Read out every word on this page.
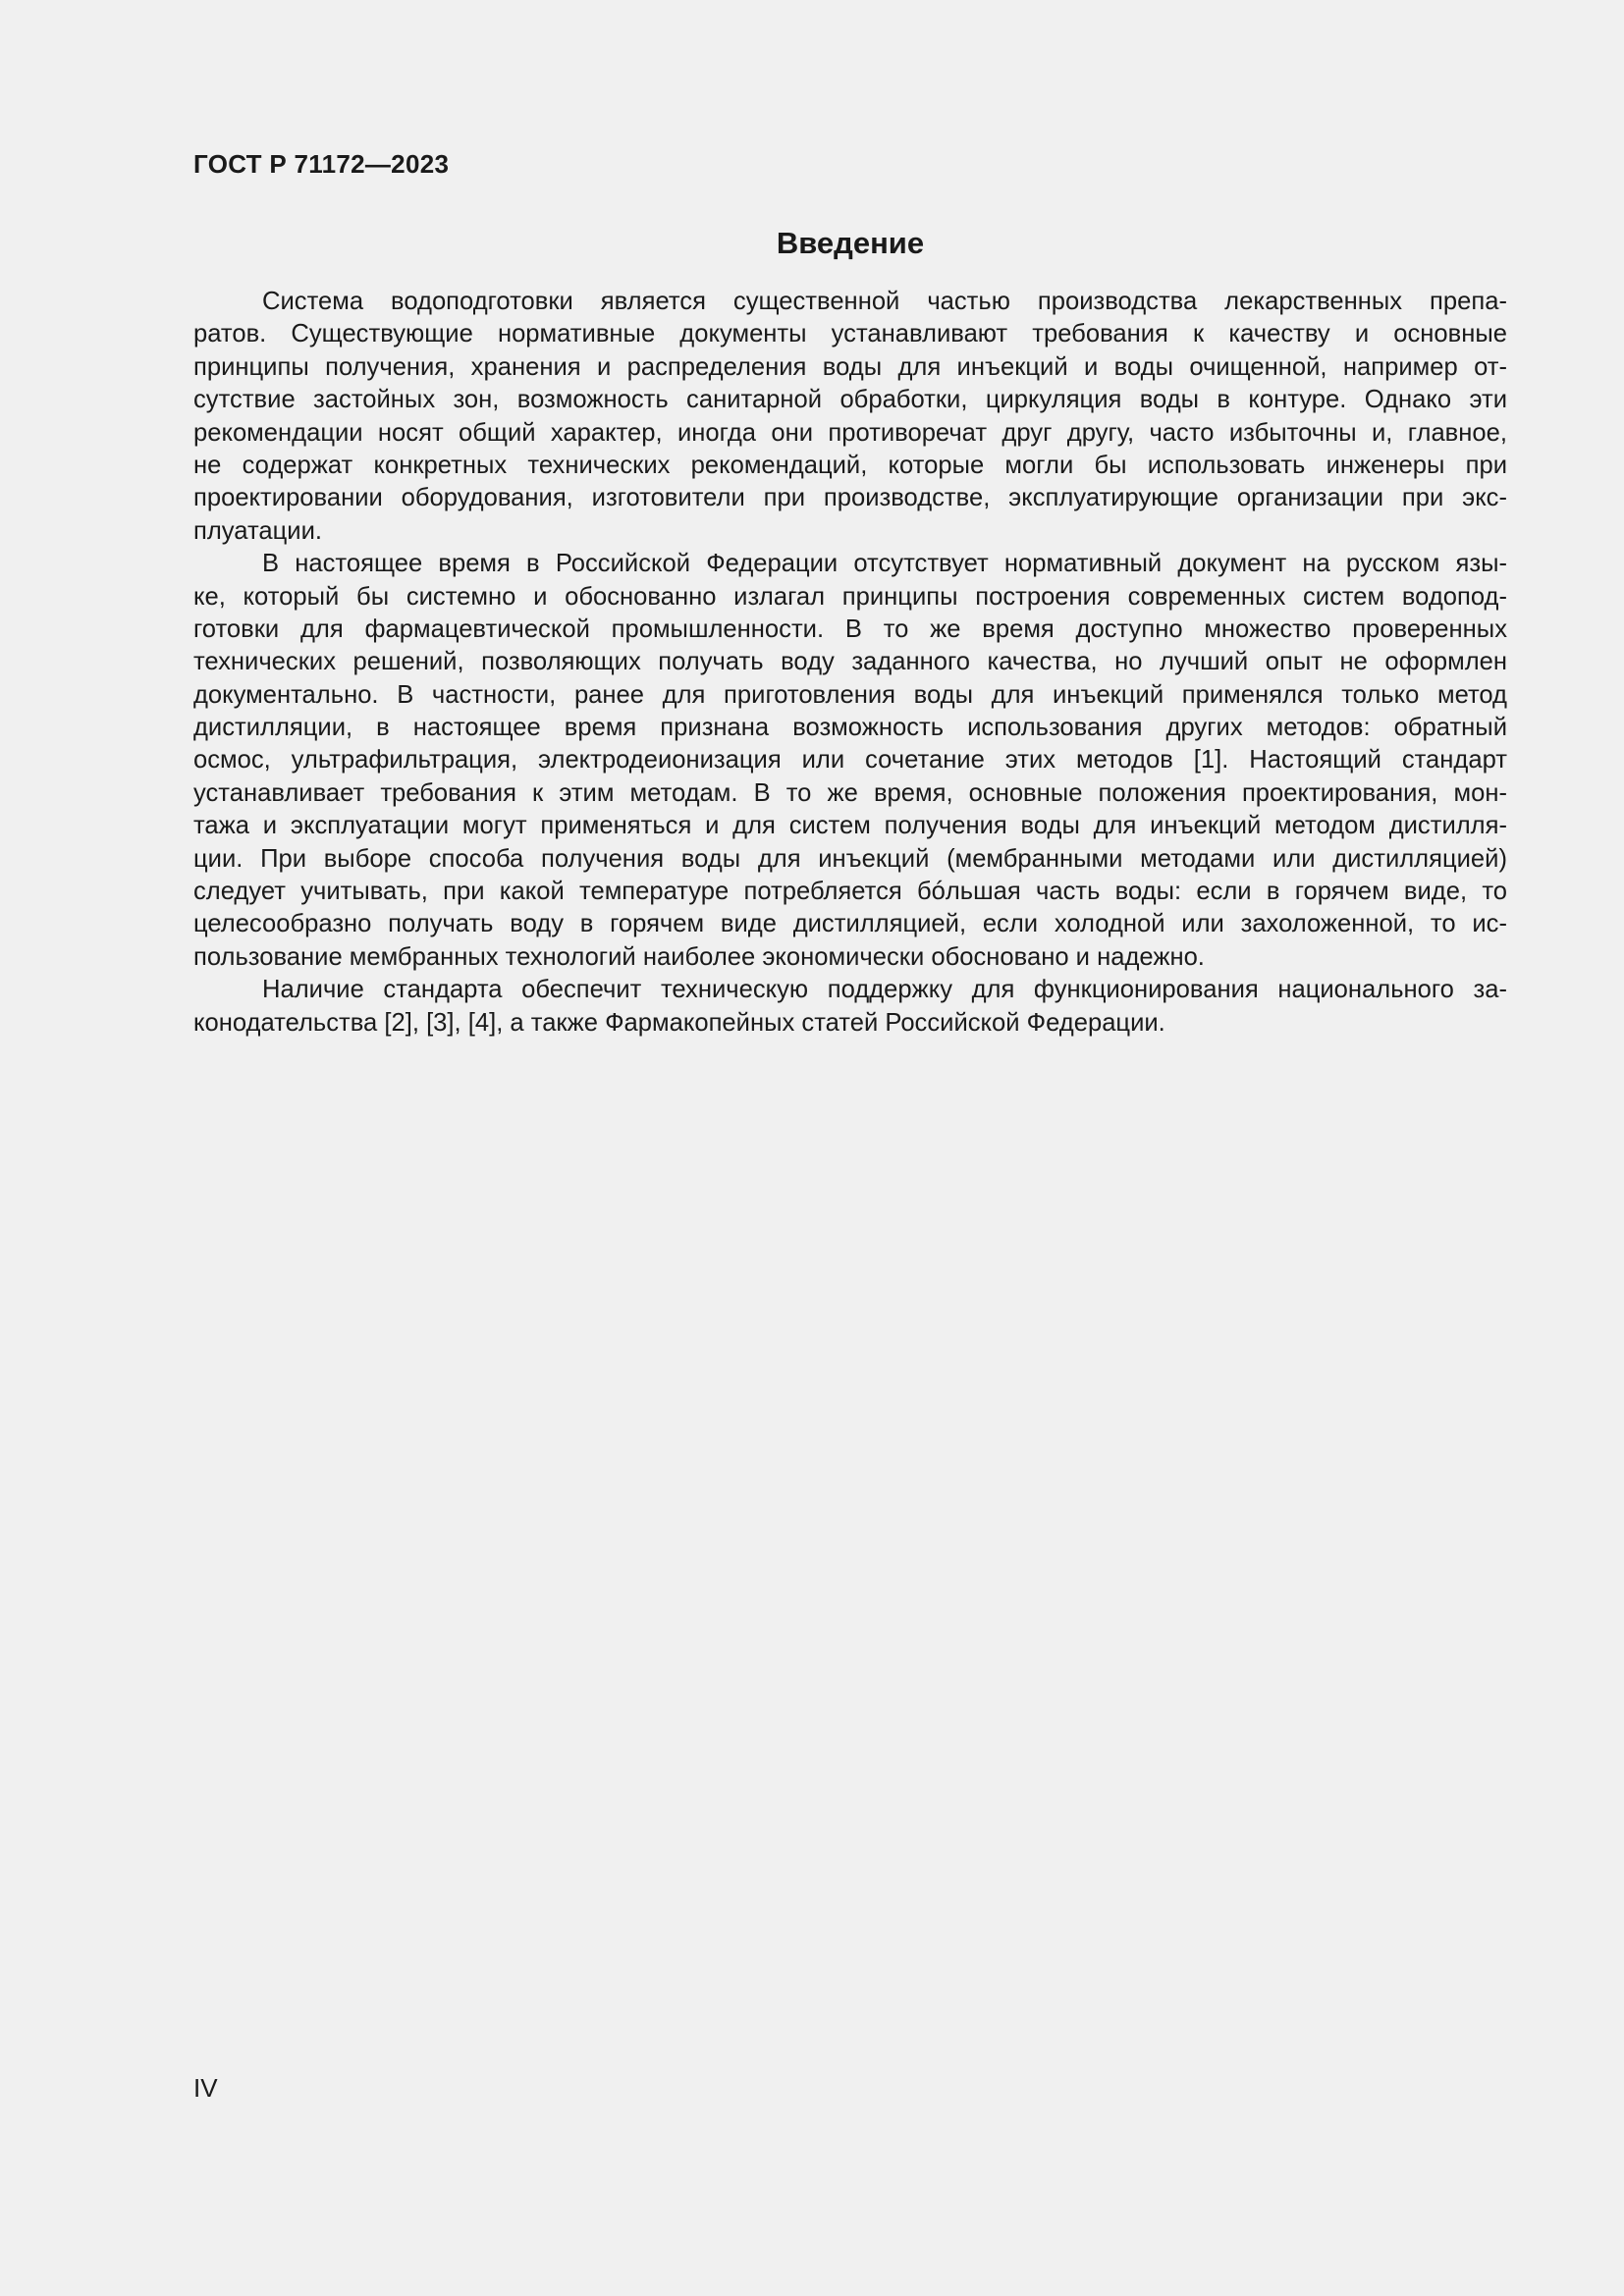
ГОСТ Р 71172—2023
Введение
Система водоподготовки является существенной частью производства лекарственных препа-
ратов. Существующие нормативные документы устанавливают требования к качеству и основные
принципы получения, хранения и распределения воды для инъекций и воды очищенной, например от-
сутствие застойных зон, возможность санитарной обработки, циркуляция воды в контуре. Однако эти
рекомендации носят общий характер, иногда они противоречат друг другу, часто избыточны и, главное,
не содержат конкретных технических рекомендаций, которые могли бы использовать инженеры при
проектировании оборудования, изготовители при производстве, эксплуатирующие организации при экс-
плуатации.
В настоящее время в Российской Федерации отсутствует нормативный документ на русском язы-
ке, который бы системно и обоснованно излагал принципы построения современных систем водопод-
готовки для фармацевтической промышленности. В то же время доступно множество проверенных
технических решений, позволяющих получать воду заданного качества, но лучший опыт не оформлен
документально. В частности, ранее для приготовления воды для инъекций применялся только метод
дистилляции, в настоящее время признана возможность использования других методов: обратный
осмос, ультрафильтрация, электродеионизация или сочетание этих методов [1]. Настоящий стандарт
устанавливает требования к этим методам. В то же время, основные положения проектирования, мон-
тажа и эксплуатации могут применяться и для систем получения воды для инъекций методом дистилля-
ции. При выборе способа получения воды для инъекций (мембранными методами или дистилляцией)
следует учитывать, при какой температуре потребляется бóльшая часть воды: если в горячем виде, то
целесообразно получать воду в горячем виде дистилляцией, если холодной или захоложенной, то ис-
пользование мембранных технологий наиболее экономически обосновано и надежно.
Наличие стандарта обеспечит техническую поддержку для функционирования национального за-
конодательства [2], [3], [4], а также Фармакопейных статей Российской Федерации.
IV
